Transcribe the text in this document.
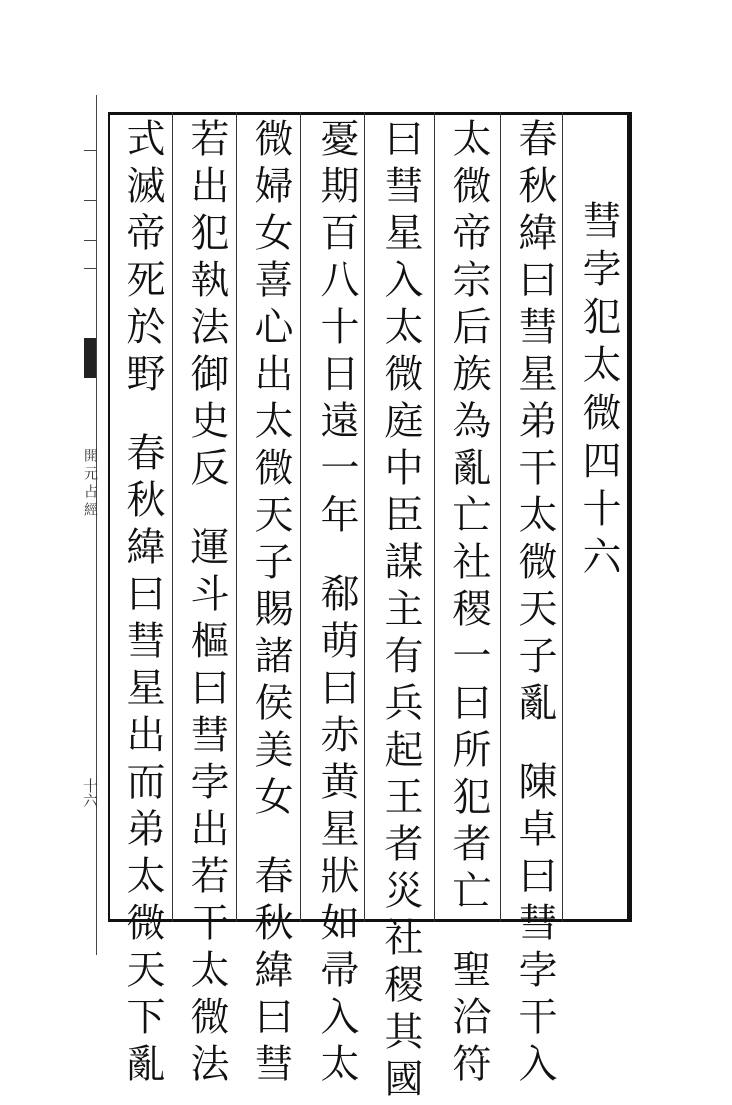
開元占經
十六
彗孛犯太微四十六
春秋緯曰彗星弟干太微天子亂陳卓曰彗孛干入
太微帝宗后族為亂亡社稷一曰所犯者亡聖洽符
曰彗星入太微庭中臣謀主有兵起王者災社稷其國
憂期百八十日遠一年郗萌曰赤黄星狀如帚入太
微婦女喜心出太微天子賜諸侯美女春秋緯曰彗
若出犯執法御史反運斗樞曰彗孛出若干太微法
式滅帝死於野春秋緯曰彗星出而弟太微天下亂
